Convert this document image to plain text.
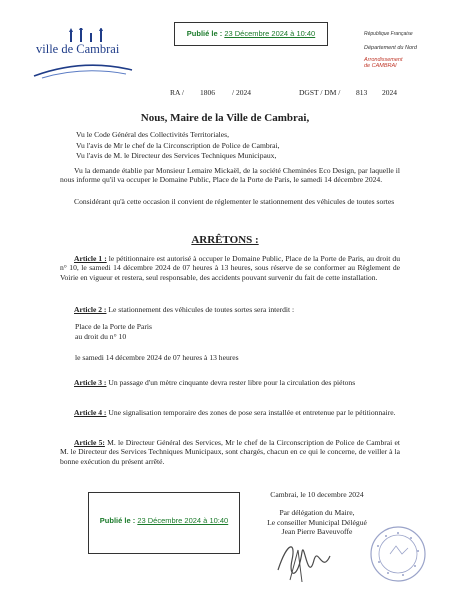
Publié le : 23 Décembre 2024 à 10:40
ville de Cambrai
République Française
Département du Nord
Arrondissement
de CAMBRAI
RA / 1806 / 2024	DGST / DM / 813 2024
Nous, Maire de la Ville de Cambrai,
Vu le Code Général des Collectivités Territoriales,
Vu l'avis de Mr le chef de la Circonscription de Police de Cambrai,
Vu l'avis de M. le Directeur des Services Techniques Municipaux,
Vu la demande établie par Monsieur Lemaire Mickaël, de la société Cheminées Eco Design, par laquelle il nous informe qu'il va occuper le Domaine Public, Place de la Porte de Paris, le samedi 14 décembre 2024.
Considérant qu'à cette occasion il convient de réglementer le stationnement des véhicules de toutes sortes
ARRÊTONS :
Article 1 : le pétitionnaire est autorisé à occuper le Domaine Public, Place de la Porte de Paris, au droit du n° 10, le samedi 14 décembre 2024 de 07 heures à 13 heures, sous réserve de se conformer au Règlement de Voirie en vigueur et restera, seul responsable, des accidents pouvant survenir du fait de cette installation.
Article 2 : Le stationnement des véhicules de toutes sortes sera interdit :
Place de la Porte de Paris
au droit du n° 10
le samedi 14 décembre 2024 de 07 heures à 13 heures
Article 3 : Un passage d'un mètre cinquante devra rester libre pour la circulation des piétons
Article 4 : Une signalisation temporaire des zones de pose sera installée et entretenue par le pétitionnaire.
Article 5: M. le Directeur Général des Services, Mr le chef de la Circonscription de Police de Cambrai et M. le Directeur des Services Techniques Municipaux, sont chargés, chacun en ce qui le concerne, de veiller à la bonne exécution du présent arrêté.
Cambrai, le 10 decembre 2024
Par délégation du Maire,
Le conseiller Municipal Délégué
Jean Pierre Baveuvoffe
Publié le : 23 Décembre 2024 à 10:40
